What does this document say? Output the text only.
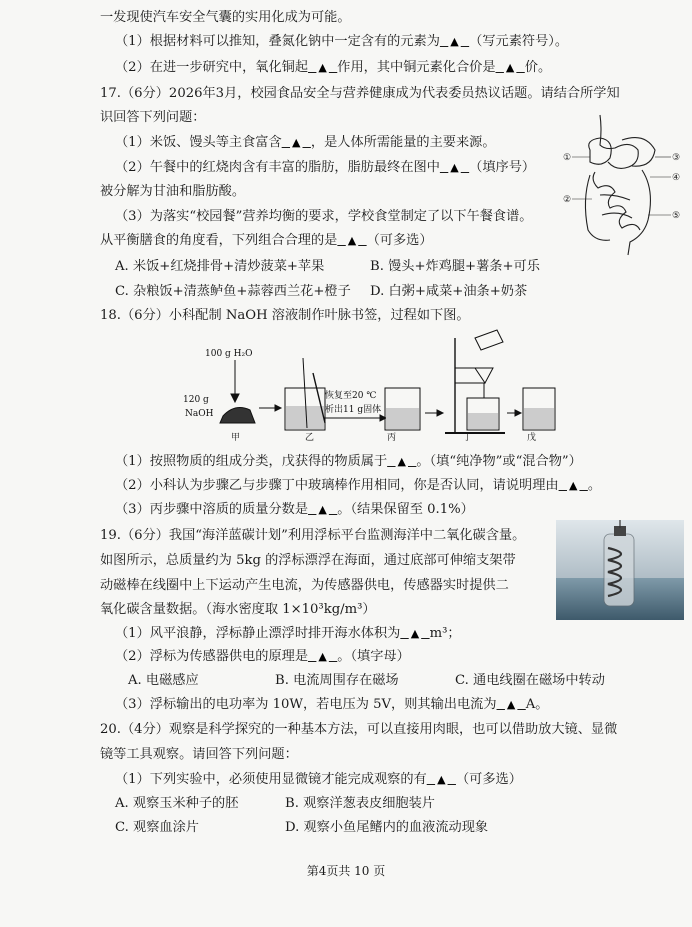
一发现使汽车安全气囊的实用化成为可能。
（1）根据材料可以推知，叠氮化钠中一定含有的元素为 ▲ （写元素符号）。
（2）在进一步研究中，氧化铜起 ▲ 作用，其中铜元素化合价是 ▲ 价。
17.（6分）2026年3月，校园食品安全与营养健康成为代表委员热议话题。请结合所学知
识回答下列问题：
（1）米饭、馒头等主食富含 ▲ ，是人体所需能量的主要来源。
（2）午餐中的红烧肉含有丰富的脂肪，脂肪最终在图中 ▲ （填序号）
被分解为甘油和脂肪酸。
（3）为落实“校园餐”营养均衡的要求，学校食堂制定了以下午餐食谱。
从平衡膳食的角度看，下列组合合理的是 ▲ （可多选）
A. 米饭+红烧排骨+清炒菠菜+苹果	B. 馒头+炸鸡腿+薯条+可乐
C. 杂粮饭+清蒸鲈鱼+蒜蓉西兰花+橙子 D. 白粥+咸菜+油条+奶茶
①	③
④
②
⑤
18.（6分）小科配制 NaOH 溶液制作叶脉书签，过程如下图。
100 g H₂O
120 g
NaOH
甲	乙	丙	丁	戊
恢复至20 ℃
析出11 g固体
（1）按照物质的组成分类，戊获得的物质属于 ▲ 。（填“纯净物”或“混合物”）
（2）小科认为步骤乙与步骤丁中玻璃棒作用相同，你是否认同，请说明理由 ▲ 。
（3）丙步骤中溶质的质量分数是 ▲ 。（结果保留至 0.1%）
19.（6分）我国“海洋蓝碳计划”利用浮标平台监测海洋中二氧化碳含量。
如图所示，总质量约为 5kg 的浮标漂浮在海面，通过底部可伸缩支架带
动磁棒在线圈中上下运动产生电流，为传感器供电，传感器实时提供二
氧化碳含量数据。（海水密度取 1×10³kg/m³）
（1）风平浪静，浮标静止漂浮时排开海水体积为 ▲ m³；
（2）浮标为传感器供电的原理是 ▲ 。（填字母）
A. 电磁感应	B. 电流周围存在磁场	C. 通电线圈在磁场中转动
（3）浮标输出的电功率为 10W，若电压为 5V，则其输出电流为 ▲ A。
20.（4分）观察是科学探究的一种基本方法，可以直接用肉眼，也可以借助放大镜、显微
镜等工具观察。请回答下列问题：
（1）下列实验中，必须使用显微镜才能完成观察的有 ▲ （可多选）
A. 观察玉米种子的胚	B. 观察洋葱表皮细胞装片
C. 观察血涂片	D. 观察小鱼尾鳍内的血液流动现象
第4页共 10 页
